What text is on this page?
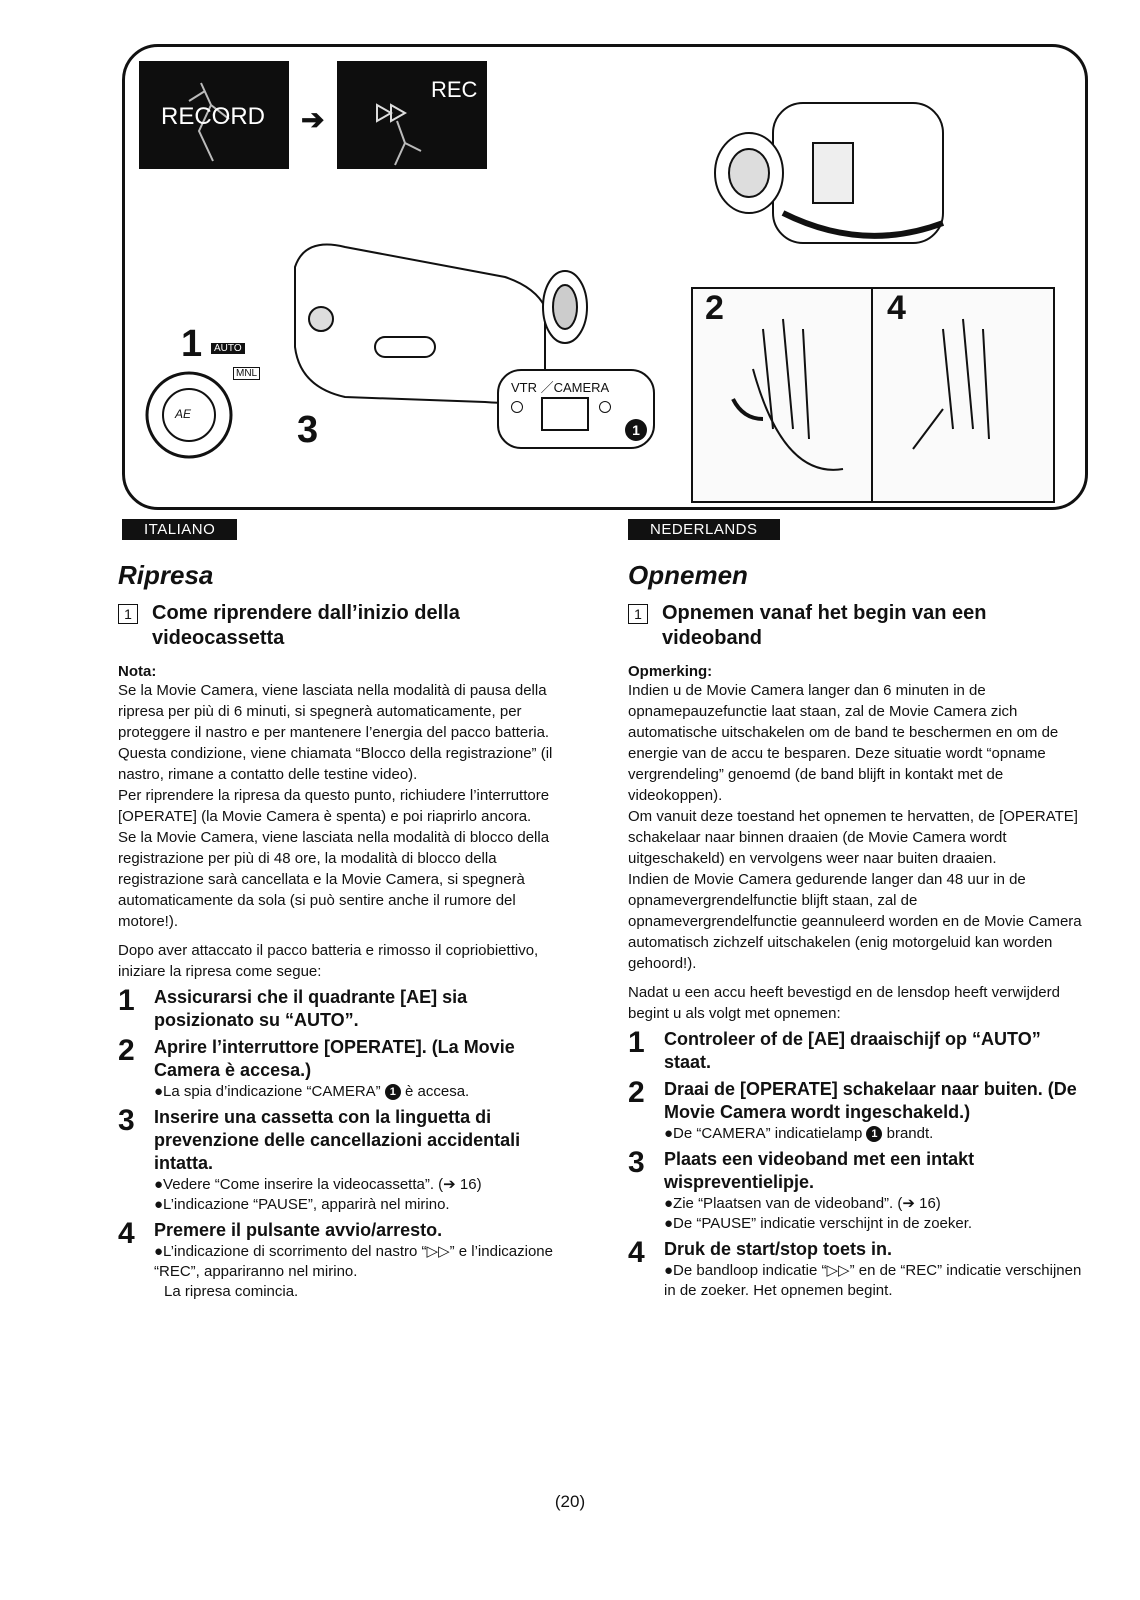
RECORD ➔
REC
AE
1	AUTO
MNL
3
VTR ／CAMERA
1
2	4
ITALIANO	NEDERLANDS
Ripresa
1	Come riprendere dall’inizio della videocassetta
Nota:

Se la Movie Camera, viene lasciata nella modalità di pausa della ripresa per più di 6 minuti, si spegnerà automaticamente, per proteggere il nastro e per mantenere l’energia del pacco batteria. Questa condizione, viene chiamata “Blocco della registrazione” (il nastro, rimane a contatto delle testine video).

Per riprendere la ripresa da questo punto, richiudere l’interruttore [OPERATE] (la Movie Camera è spenta) e poi riaprirlo ancora.

Se la Movie Camera, viene lasciata nella modalità di blocco della registrazione per più di 48 ore, la modalità di blocco della registrazione sarà cancellata e la Movie Camera, si spegnerà automaticamente da sola (si può sentire anche il rumore del motore!).

Dopo aver attaccato il pacco batteria e rimosso il copriobiettivo, iniziare la ripresa come segue:

1	Assicurarsi che il quadrante [AE] sia posizionato su “AUTO”.
2	Aprire l’interruttore [OPERATE]. (La Movie Camera è accesa.)
●La spia d’indicazione “CAMERA” 1 è accesa.
3	Inserire una cassetta con la linguetta di prevenzione delle cancellazioni accidentali intatta.
●Vedere “Come inserire la videocassetta”. (➔ 16)
●L’indicazione “PAUSE”, apparirà nel mirino.
4	Premere il pulsante avvio/arresto.
●L’indicazione di scorrimento del nastro “▷▷” e l’indicazione “REC”, appariranno nel mirino.
La ripresa comincia.
Opnemen
1	Opnemen vanaf het begin van een videoband
Opmerking:

Indien u de Movie Camera langer dan 6 minuten in de opnamepauzefunctie laat staan, zal de Movie Camera zich automatische uitschakelen om de band te beschermen en om de energie van de accu te besparen. Deze situatie wordt “opname vergrendeling” genoemd (de band blijft in kontakt met de videokoppen).

Om vanuit deze toestand het opnemen te hervatten, de [OPERATE] schakelaar naar binnen draaien (de Movie Camera wordt uitgeschakeld) en vervolgens weer naar buiten draaien.

Indien de Movie Camera gedurende langer dan 48 uur in de opnamevergrendelfunctie blijft staan, zal de opnamevergrendelfunctie geannuleerd worden en de Movie Camera automatisch zichzelf uitschakelen (enig motorgeluid kan worden gehoord!).

Nadat u een accu heeft bevestigd en de lensdop heeft verwijderd begint u als volgt met opnemen:

1	Controleer of de [AE] draaischijf op “AUTO” staat.
2	Draai de [OPERATE] schakelaar naar buiten. (De Movie Camera wordt ingeschakeld.)
●De “CAMERA” indicatielamp 1 brandt.
3	Plaats een videoband met een intakt wispreventielipje.
●Zie “Plaatsen van de videoband”. (➔ 16)
●De “PAUSE” indicatie verschijnt in de zoeker.
4	Druk de start/stop toets in.
●De bandloop indicatie “▷▷” en de “REC” indicatie verschijnen in de zoeker. Het opnemen begint.
(20)
